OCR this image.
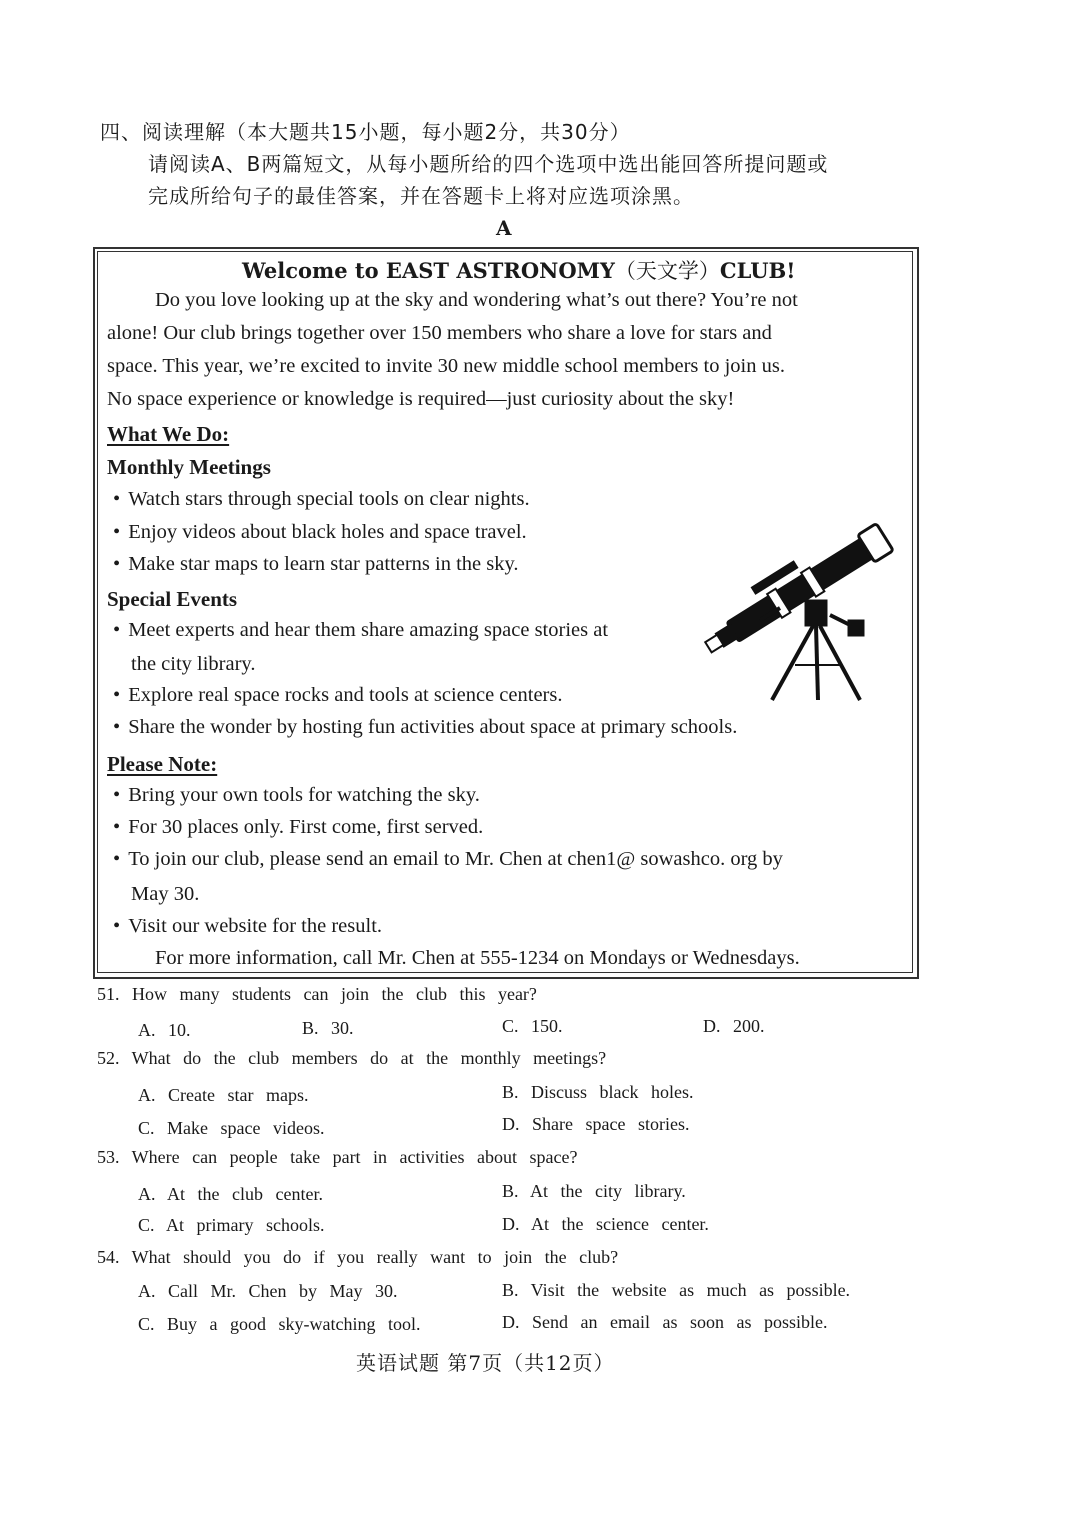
四、阅读理解（本大题共15小题，每小题2分，共30分）
请阅读A、B两篇短文，从每小题所给的四个选项中选出能回答所提问题或
完成所给句子的最佳答案，并在答题卡上将对应选项涂黑。
A
Welcome to EAST ASTRONOMY（天文学）CLUB!
Do you love looking up at the sky and wondering what’s out there? You’re not
alone! Our club brings together over 150 members who share a love for stars and
space. This year, we’re excited to invite 30 new middle school members to join us.
No space experience or knowledge is required—just curiosity about the sky!
What We Do:
Monthly Meetings
• Watch stars through special tools on clear nights.
• Enjoy videos about black holes and space travel.
• Make star maps to learn star patterns in the sky.
Special Events
• Meet experts and hear them share amazing space stories at
the city library.
• Explore real space rocks and tools at science centers.
• Share the wonder by hosting fun activities about space at primary schools.
Please Note:
• Bring your own tools for watching the sky.
• For 30 places only. First come, first served.
• To join our club, please send an email to Mr. Chen at chen1@ sowashco. org by
May 30.
• Visit our website for the result.
For more information, call Mr. Chen at 555-1234 on Mondays or Wednesdays.
51. How many students can join the club this year?
A. 10.	B. 30.	C. 150.	D. 200.
52. What do the club members do at the monthly meetings?
A. Create star maps.	B. Discuss black holes.
C. Make space videos.	D. Share space stories.
53. Where can people take part in activities about space?
A. At the club center.	B. At the city library.
C. At primary schools.	D. At the science center.
54. What should you do if you really want to join the club?
A. Call Mr. Chen by May 30.	B. Visit the website as much as possible.
C. Buy a good sky-watching tool.	D. Send an email as soon as possible.
英语试题 第7页（共12页）
